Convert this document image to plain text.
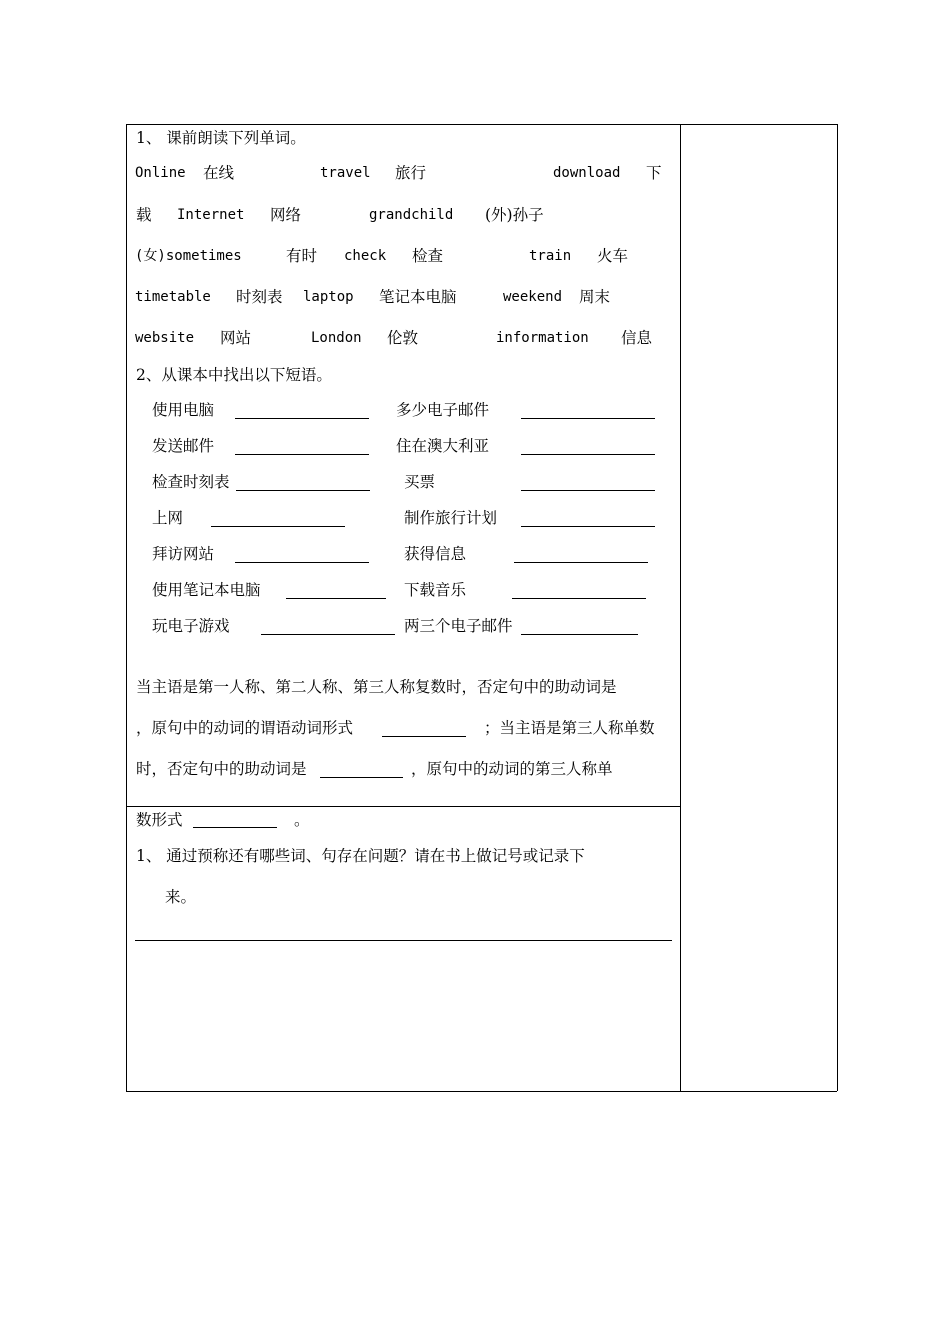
1、 课前朗读下列单词。
Online 在线	travel 旅行	download 下
载 Internet 网络	grandchild (外)孙子
(女)sometimes	有时 check 检查	train 火车
timetable 时刻表 laptop 笔记本电脑	weekend 周末
website 网站	London 伦敦	information 信息
2、从课本中找出以下短语。
使用电脑	多少电子邮件
发送邮件	住在澳大利亚
检查时刻表	买票
上网	制作旅行计划
拜访网站	获得信息
使用笔记本电脑	下载音乐
玩电子游戏	两三个电子邮件
当主语是第一人称、第二人称、第三人称复数时，否定句中的助动词是
，原句中的动词的谓语动词形式	；当主语是第三人称单数
时，否定句中的助动词是	，原句中的动词的第三人称单
数形式	。
1、 通过预称还有哪些词、句存在问题？请在书上做记号或记录下
来。
